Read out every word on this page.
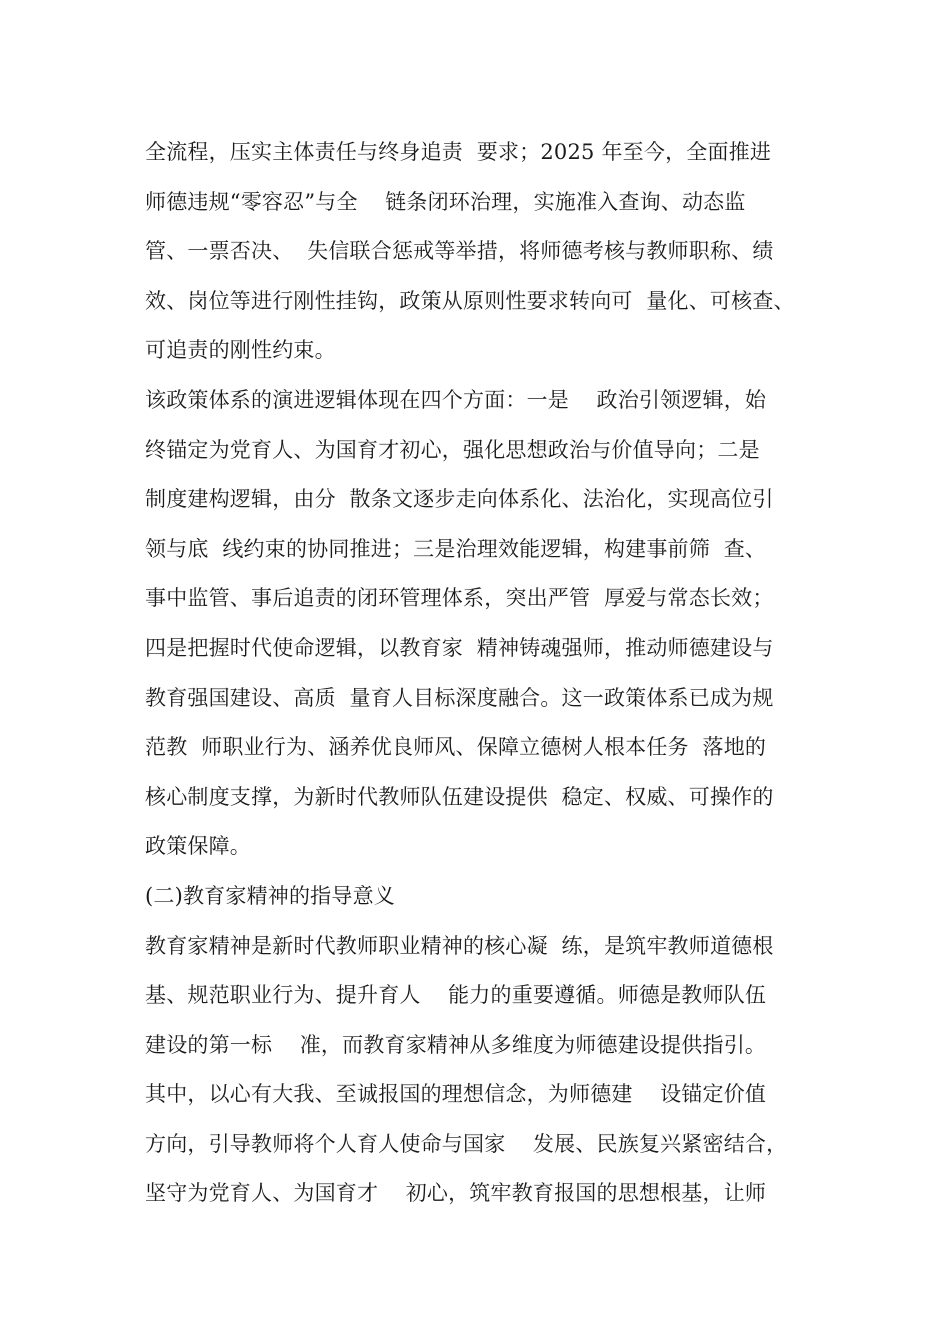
全流程，压实主体责任与终身追责  要求；2025 年至今，全面推进
师德违规“零容忍”与全    链条闭环治理，实施准入查询、动态监
管、一票否决、  失信联合惩戒等举措，将师德考核与教师职称、绩
效、岗位等进行刚性挂钩，政策从原则性要求转向可  量化、可核查、
可追责的刚性约束。
该政策体系的演进逻辑体现在四个方面：一是    政治引领逻辑，始
终锚定为党育人、为国育才初心，强化思想政治与价值导向；二是
制度建构逻辑，由分  散条文逐步走向体系化、法治化，实现高位引
领与底  线约束的协同推进；三是治理效能逻辑，构建事前筛  查、
事中监管、事后追责的闭环管理体系，突出严管  厚爱与常态长效；
四是把握时代使命逻辑，以教育家  精神铸魂强师，推动师德建设与
教育强国建设、高质  量育人目标深度融合。这一政策体系已成为规
范教  师职业行为、涵养优良师风、保障立德树人根本任务  落地的
核心制度支撑，为新时代教师队伍建设提供  稳定、权威、可操作的
政策保障。
(二)教育家精神的指导意义
教育家精神是新时代教师职业精神的核心凝  练，是筑牢教师道德根
基、规范职业行为、提升育人    能力的重要遵循。师德是教师队伍
建设的第一标    准，而教育家精神从多维度为师德建设提供指引。
其中，以心有大我、至诚报国的理想信念，为师德建    设锚定价值
方向，引导教师将个人育人使命与国家    发展、民族复兴紧密结合，
坚守为党育人、为国育才    初心，筑牢教育报国的思想根基，让师
